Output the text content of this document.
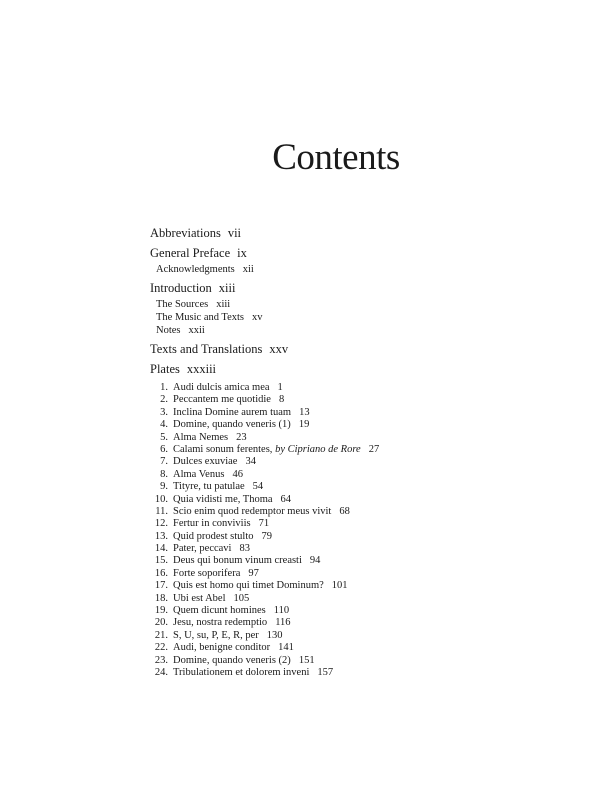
Contents
Abbreviations vii
General Preface ix
Acknowledgments xii
Introduction xiii
The Sources xiii
The Music and Texts xv
Notes xxii
Texts and Translations xxv
Plates xxxiii
1. Audi dulcis amica mea 1
2. Peccantem me quotidie 8
3. Inclina Domine aurem tuam 13
4. Domine, quando veneris (1) 19
5. Alma Nemes 23
6. Calami sonum ferentes, by Cipriano de Rore 27
7. Dulces exuviae 34
8. Alma Venus 46
9. Tityre, tu patulae 54
10. Quia vidisti me, Thoma 64
11. Scio enim quod redemptor meus vivit 68
12. Fertur in conviviis 71
13. Quid prodest stulto 79
14. Pater, peccavi 83
15. Deus qui bonum vinum creasti 94
16. Forte soporifera 97
17. Quis est homo qui timet Dominum? 101
18. Ubi est Abel 105
19. Quem dicunt homines 110
20. Jesu, nostra redemptio 116
21. S, U, su, P, E, R, per 130
22. Audi, benigne conditor 141
23. Domine, quando veneris (2) 151
24. Tribulationem et dolorem inveni 157
